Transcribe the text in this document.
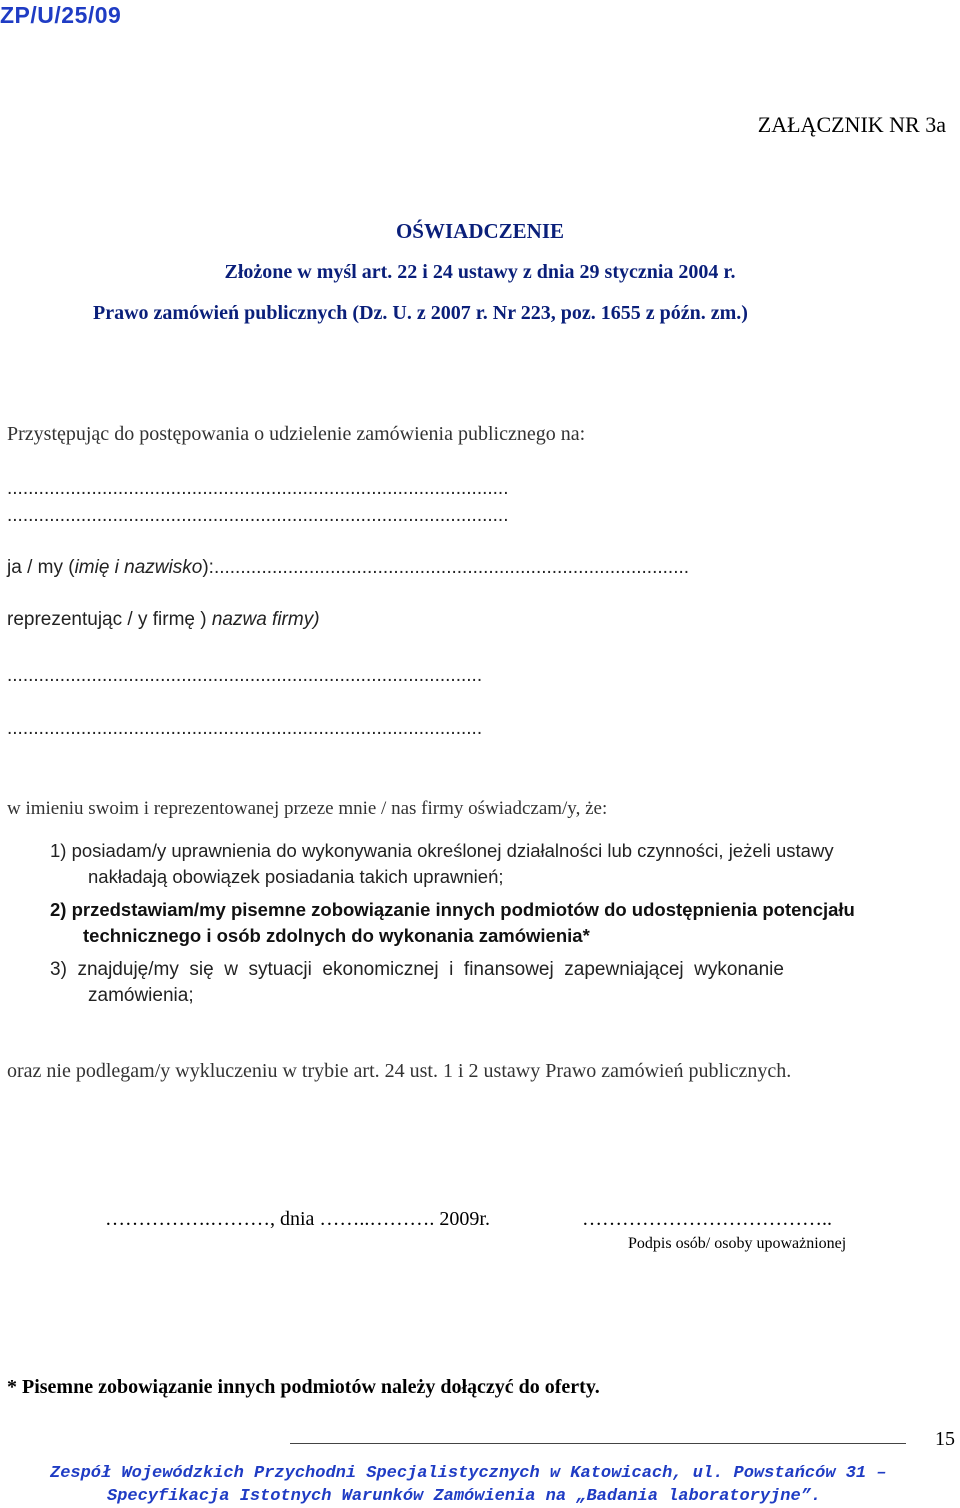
ZP/U/25/09
ZAŁĄCZNIK NR 3a
OŚWIADCZENIE
Złożone w myśl art. 22 i 24 ustawy z dnia 29 stycznia 2004 r.
Prawo zamówień publicznych (Dz. U. z 2007 r. Nr 223, poz. 1655 z późn. zm.)
Przystępując do postępowania o udzielenie zamówienia publicznego na:
...............................................................................................
...............................................................................................
ja / my (imię i nazwisko):..........................................................................................
reprezentując / y firmę ) nazwa firmy)
..........................................................................................
..........................................................................................
w imieniu swoim i reprezentowanej przeze mnie / nas firmy oświadczam/y, że:
1) posiadam/y uprawnienia do wykonywania określonej działalności lub czynności, jeżeli ustawy
nakładają obowiązek posiadania takich uprawnień;
2) przedstawiam/my pisemne zobowiązanie innych podmiotów do udostępnienia potencjału
technicznego i osób zdolnych do wykonania zamówienia*
3)  znajduję/my  się  w  sytuacji  ekonomicznej  i  finansowej  zapewniającej  wykonanie
zamówienia;
oraz nie podlegam/y wykluczeniu w trybie art. 24 ust. 1 i 2 ustawy Prawo zamówień publicznych.
…………….………, dnia ……..………. 2009r.	………………………………..
Podpis osób/ osoby upoważnionej
* Pisemne zobowiązanie innych podmiotów należy dołączyć do oferty.
15
Zespół Wojewódzkich Przychodni Specjalistycznych w Katowicach, ul. Powstańców 31 –
Specyfikacja Istotnych Warunków Zamówienia na „Badania laboratoryjne”.
